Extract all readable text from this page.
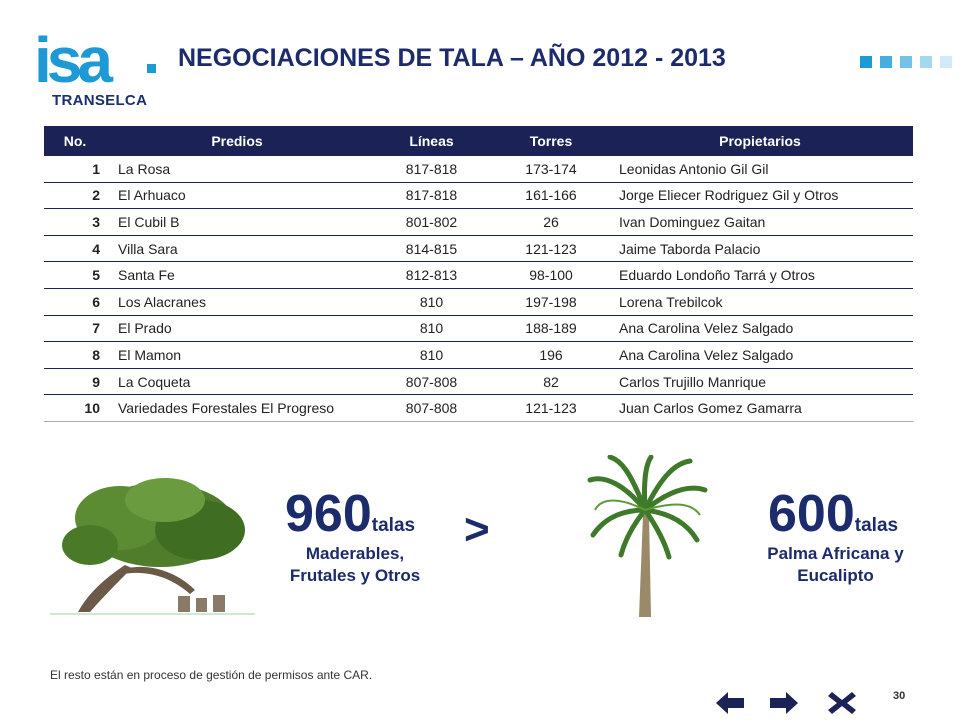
isa
TRANSELCA
NEGOCIACIONES DE TALA – AÑO 2012 - 2013
No.	Predios	Líneas	Torres	Propietarios
1	La Rosa	817-818	173-174	Leonidas Antonio Gil Gil
2	El Arhuaco	817-818	161-166	Jorge Eliecer Rodriguez Gil y Otros
3	El Cubil B	801-802	26	Ivan Dominguez Gaitan
4	Villa Sara	814-815	121-123	Jaime Taborda Palacio
5	Santa Fe	812-813	98-100	Eduardo Londoño Tarrá y Otros
6	Los Alacranes	810	197-198	Lorena Trebilcok
7	El Prado	810	188-189	Ana Carolina Velez Salgado
8	El Mamon	810	196	Ana Carolina Velez Salgado
9	La Coqueta	807-808	82	Carlos Trujillo Manrique
10	Variedades Forestales El Progreso	807-808	121-123	Juan Carlos Gomez Gamarra
960talas
Maderables,
Frutales y Otros
>	600talas
Palma Africana y
Eucalipto
El resto están en proceso de gestión de permisos ante CAR.
30
